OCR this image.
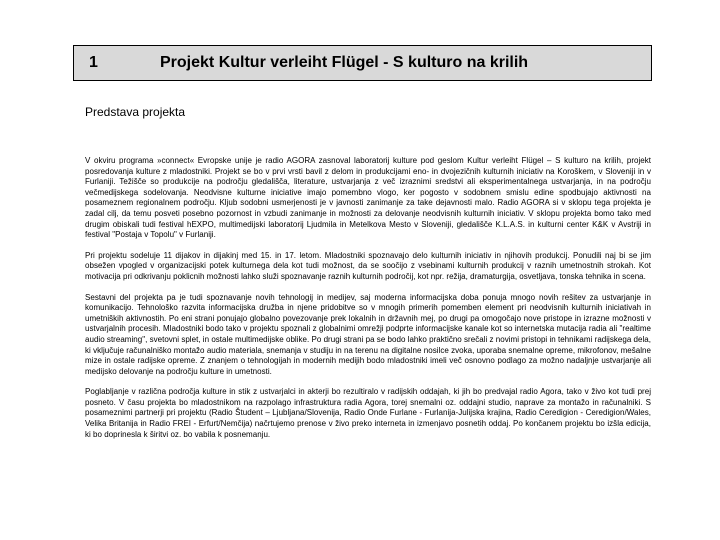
1	Projekt Kultur verleiht Flügel - S kulturo na krilih
Predstava projekta

V okviru programa »connect« Evropske unije je radio AGORA zasnoval laboratorij kulture pod geslom Kultur verleiht Flügel – S kulturo na krilih, projekt posredovanja kulture z mladostniki. Projekt se bo v prvi vrsti bavil z delom in produkcijami eno- in dvojezičnih kulturnih iniciativ na Koroškem, v Sloveniji in v Furlaniji. Težišče so produkcije na področju gledališča, literature, ustvarjanja z več izraznimi sredstvi ali eksperimentalnega ustvarjanja, in na področju večmedijskega sodelovanja. Neodvisne kulturne iniciative imajo pomembno vlogo, ker pogosto v sodobnem smislu edine spodbujajo aktivnosti na posameznem regionalnem področju. Kljub sodobni usmerjenosti je v javnosti zanimanje za take dejavnosti malo. Radio AGORA si v sklopu tega projekta je zadal cilj, da temu posveti posebno pozornost in vzbudi zanimanje in možnosti za delovanje neodvisnih kulturnih iniciativ. V sklopu projekta bomo tako med drugim obiskali tudi festival hEXPO, multimedijski laboratorij Ljudmila in Metelkova Mesto v Sloveniji, gledališče K.L.A.S. in kulturni center K&K v Avstriji in festival "Postaja v Topolu" v Furlaniji.

Pri projektu sodeluje 11 dijakov in dijakinj med 15. in 17. letom. Mladostniki spoznavajo delo kulturnih iniciativ in njihovih produkcij. Ponudili naj bi se jim obsežen vpogled v organizacijski potek kulturnega dela kot tudi možnost, da se soočijo z vsebinami kulturnih produkcij v raznih umetnostnih strokah. Kot motivacija pri odkrivanju poklicnih možnosti lahko služi spoznavanje raznih kulturnih področij, kot npr. režija, dramaturgija, osvetljava, tonska tehnika in scena.

Sestavni del projekta pa je tudi spoznavanje novih tehnologij in medijev, saj moderna informacijska doba ponuja mnogo novih rešitev za ustvarjanje in komunikacijo. Tehnološko razvita informacijska družba in njene pridobitve so v mnogih primerih pomemben element pri neodvisnih kulturnih iniciativah in umetniških aktivnostih. Po eni strani ponujajo globalno povezovanje prek lokalnih in državnih mej, po drugi pa omogočajo nove pristope in izrazne možnosti v ustvarjalnih procesih. Mladostniki bodo tako v projektu spoznali z globalnimi omrežji podprte informacijske kanale kot so internetska mutacija radia ali "realtime audio streaming", svetovni splet, in ostale multimedijske oblike. Po drugi strani pa se bodo lahko praktično srečali z novimi pristopi in tehnikami radijskega dela, ki vključuje računalniško montažo audio materiala, snemanja v studiju in na terenu na digitalne nosilce zvoka, uporaba snemalne opreme, mikrofonov, mešalne mize in ostale radijske opreme. Z znanjem o tehnologijah in modernih medijih bodo mladostniki imeli več osnovno podlago za možno nadaljnje ustvarjanje ali medijsko delovanje na področju kulture in umetnosti.

Poglabljanje v različna področja kulture in stik z ustvarjalci in akterji bo rezultiralo v radijskih oddajah, ki jih bo predvajal radio Agora, tako v živo kot tudi prej posneto. V času projekta bo mladostnikom na razpolago infrastruktura radia Agora, torej snemalni oz. oddajni studio, naprave za montažo in računalniki. S posameznimi partnerji pri projektu (Radio Študent – Ljubljana/Slovenija, Radio Onde Furlane - Furlanija-Julijska krajina, Radio Ceredigion - Ceredigion/Wales, Velika Britanija in Radio FREI - Erfurt/Nemčija) načrtujemo prenose v živo preko interneta in izmenjavo posnetih oddaj. Po končanem projektu bo izšla edicija, ki bo doprinesla k širitvi oz. bo vabila k posnemanju.
